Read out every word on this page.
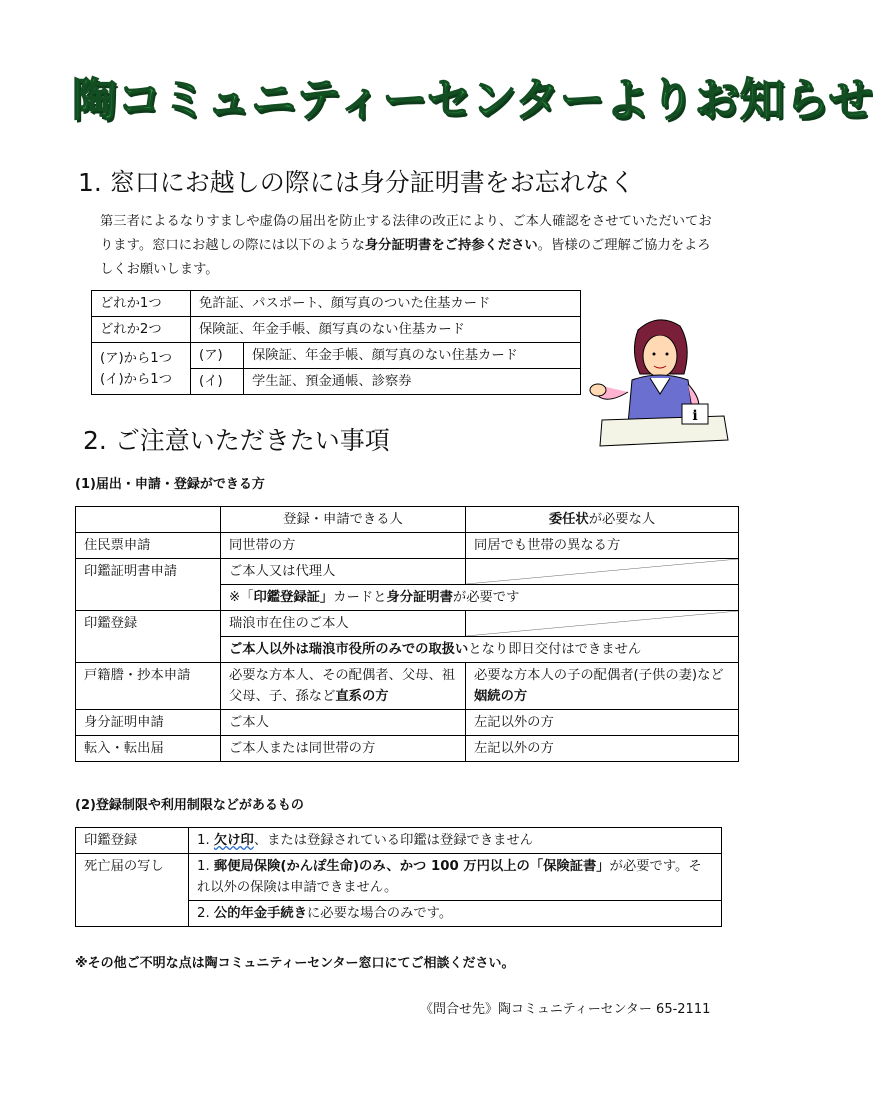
陶コミュニティーセンターよりお知らせ
1. 窓口にお越しの際には身分証明書をお忘れなく
第三者によるなりすましや虚偽の届出を防止する法律の改正により、ご本人確認をさせていただいております。窓口にお越しの際には以下のような身分証明書をご持参ください。皆様のご理解ご協力をよろしくお願いします。
どれか1つ	免許証、パスポート、顔写真のついた住基カード	
どれか2つ	保険証、年金手帳、顔写真のない住基カード	

(ア)から1つ
(イ)から1つ	(ア)	保険証、年金手帳、顔写真のない住基カード
	(イ)	学生証、預金通帳、診察券
i
2. ご注意いただきたい事項
(1)届出・申請・登録ができる方
	登録・申請できる人	委任状が必要な人
住民票申請	同世帯の方	同居でも世帯の異なる方
印鑑証明書申請	ご本人又は代理人	

	※「印鑑登録証」カードと身分証明書が必要です	
印鑑登録	瑞浪市在住のご本人	

	ご本人以外は瑞浪市役所のみでの取扱いとなり即日交付はできません	
戸籍謄・抄本申請	必要な方本人、その配偶者、父母、祖父母、子、孫など直系の方	必要な方本人の子の配偶者(子供の妻)など姻続の方
身分証明申請	ご本人	左記以外の方
転入・転出届	ご本人または同世帯の方	左記以外の方
(2)登録制限や利用制限などがあるもの
印鑑登録	1. 欠け印、または登録されている印鑑は登録できません
死亡届の写し	1. 郵便局保険(かんぽ生命)のみ、かつ 100 万円以上の「保険証書」が必要です。それ以外の保険は申請できません。
	2. 公的年金手続きに必要な場合のみです。
※その他ご不明な点は陶コミュニティーセンター窓口にてご相談ください。
《問合せ先》陶コミュニティーセンター 65-2111
